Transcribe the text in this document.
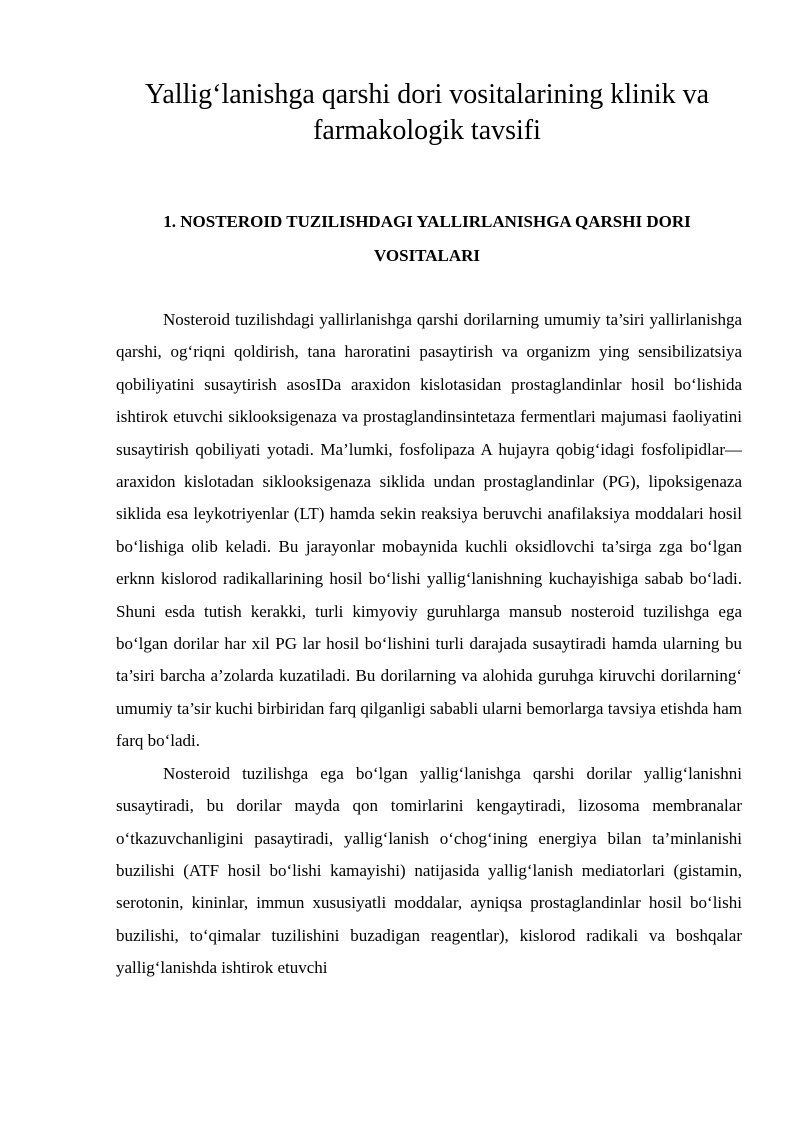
Yallig‘lanishga qarshi dori vositalarining klinik va farmakologik tavsifi
1. NOSTEROID TUZILISHDAGI YALLIRLANISHGA QARSHI DORI VOSITALARI

Nosteroid tuzilishdagi yallirlanishga qarshi dorilarning umumiy ta’siri yallirlanishga qarshi, og‘riqni qoldirish, tana haroratini pasaytirish va organizm ying sensibilizatsiya qobiliyatini susaytirish asosIDa araxidon kislotasidan prostaglandinlar hosil bo‘lishida ishtirok etuvchi siklooksigenaza va prostaglandinsintetaza fermentlari majumasi faoliyatini susaytirish qobiliyati yotadi. Ma’lumki, fosfolipaza A hujayra qobig‘idagi fosfolipidlar—araxidon kislotadan siklooksigenaza siklida undan prostaglandinlar (PG), lipoksigenaza siklida esa leykotriyenlar (LT) hamda sekin reaksiya beruvchi anafilaksiya moddalari hosil bo‘lishiga olib keladi. Bu jarayonlar mobaynida kuchli oksidlovchi ta’sirga zga bo‘lgan erknn kislorod radikallarining hosil bo‘lishi yallig‘lanishning kuchayishiga sabab bo‘ladi. Shuni esda tutish kerakki, turli kimyoviy guruhlarga mansub nosteroid tuzilishga ega bo‘lgan dorilar har xil PG lar hosil bo‘lishini turli darajada susaytiradi hamda ularning bu ta’siri barcha a’zolarda kuzatiladi. Bu dorilarning va alohida guruhga kiruvchi dorilarning‘ umumiy ta’sir kuchi birbiridan farq qilganligi sababli ularni bemorlarga tavsiya etishda ham farq bo‘ladi.

Nosteroid tuzilishga ega bo‘lgan yallig‘lanishga qarshi dorilar yallig‘lanishni susaytiradi, bu dorilar mayda qon tomirlarini kengaytiradi, lizosoma membranalar o‘tkazuvchanligini pasaytiradi, yallig‘lanish o‘chog‘ining energiya bilan ta’minlanishi buzilishi (ATF hosil bo‘lishi kamayishi) natijasida yallig‘lanish mediatorlari (gistamin, serotonin, kininlar, immun xususiyatli moddalar, ayniqsa prostaglandinlar hosil bo‘lishi buzilishi, to‘qimalar tuzilishini buzadigan reagentlar), kislorod radikali va boshqalar yallig‘lanishda ishtirok etuvchi
